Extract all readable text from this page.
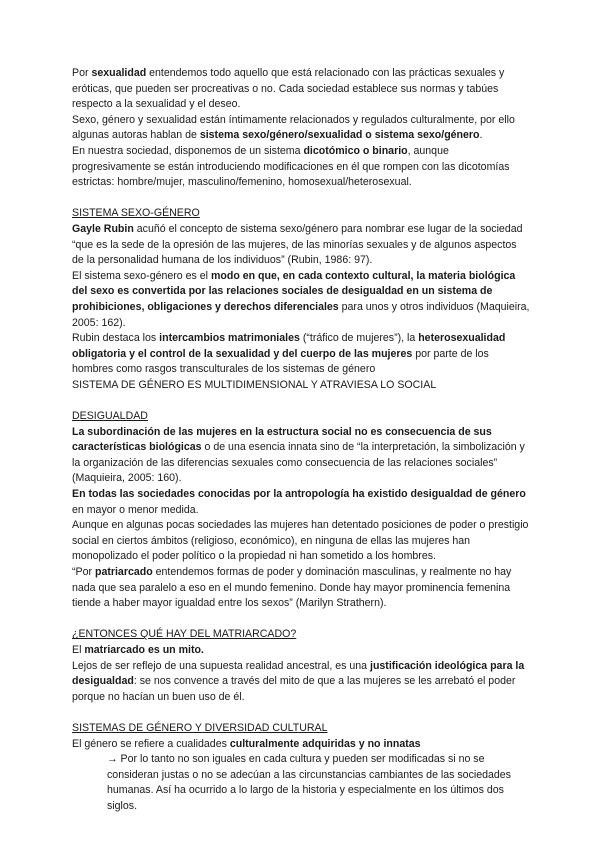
Por sexualidad entendemos todo aquello que está relacionado con las prácticas sexuales y eróticas, que pueden ser procreativas o no. Cada sociedad establece sus normas y tabúes respecto a la sexualidad y el deseo.

Sexo, género y sexualidad están íntimamente relacionados y regulados culturalmente, por ello algunas autoras hablan de sistema sexo/género/sexualidad o sistema sexo/género.

En nuestra sociedad, disponemos de un sistema dicotómico o binario, aunque progresivamente se están introduciendo modificaciones en él que rompen con las dicotomías estrictas: hombre/mujer, masculino/femenino, homosexual/heterosexual.

SISTEMA SEXO-GÉNERO

Gayle Rubin acuñó el concepto de sistema sexo/género para nombrar ese lugar de la sociedad “que es la sede de la opresión de las mujeres, de las minorías sexuales y de algunos aspectos de la personalidad humana de los individuos” (Rubin, 1986: 97).

El sistema sexo-género es el modo en que, en cada contexto cultural, la materia biológica del sexo es convertida por las relaciones sociales de desigualdad en un sistema de prohibiciones, obligaciones y derechos diferenciales para unos y otros individuos (Maquieira, 2005: 162).

Rubin destaca los intercambios matrimoniales (“tráfico de mujeres”), la heterosexualidad obligatoria y el control de la sexualidad y del cuerpo de las mujeres por parte de los hombres como rasgos transculturales de los sistemas de género

SISTEMA DE GÉNERO ES MULTIDIMENSIONAL Y ATRAVIESA LO SOCIAL

DESIGUALDAD

La subordinación de las mujeres en la estructura social no es consecuencia de sus características biológicas o de una esencia innata sino de “la interpretación, la simbolización y la organización de las diferencias sexuales como consecuencia de las relaciones sociales” (Maquieira, 2005: 160).

En todas las sociedades conocidas por la antropología ha existido desigualdad de género en mayor o menor medida.

Aunque en algunas pocas sociedades las mujeres han detentado posiciones de poder o prestigio social en ciertos ámbitos (religioso, económico), en ninguna de ellas las mujeres han monopolizado el poder político o la propiedad ni han sometido a los hombres.

“Por patriarcado entendemos formas de poder y dominación masculinas, y realmente no hay nada que sea paralelo a eso en el mundo femenino. Donde hay mayor prominencia femenina tiende a haber mayor igualdad entre los sexos” (Marilyn Strathern).

¿ENTONCES QUÉ HAY DEL MATRIARCADO?

El matriarcado es un mito.

Lejos de ser reflejo de una supuesta realidad ancestral, es una justificación ideológica para la desigualdad: se nos convence a través del mito de que a las mujeres se les arrebató el poder porque no hacían un buen uso de él.

SISTEMAS DE GÉNERO Y DIVERSIDAD CULTURAL

El género se refiere a cualidades culturalmente adquiridas y no innatas

→ Por lo tanto no son iguales en cada cultura y pueden ser modificadas si no se consideran justas o no se adecúan a las circunstancias cambiantes de las sociedades humanas. Así ha ocurrido a lo largo de la historia y especialmente en los últimos dos siglos.
